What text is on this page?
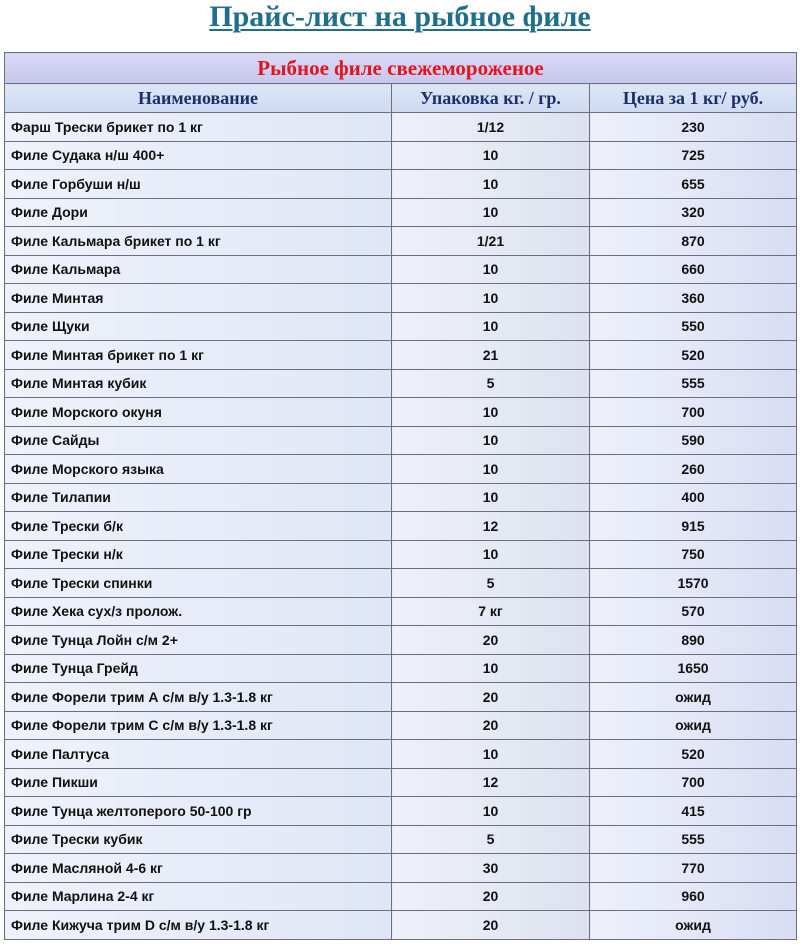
Прайс-лист на рыбное филе
Рыбное филе свежемороженое		
Наименование	Упаковка кг. / гр.	Цена за 1 кг/ руб.
Фарш Трески брикет по 1 кг	1/12	230
Филе Судака н/ш 400+	10	725
Филе Горбуши н/ш	10	655
Филе Дори	10	320
Филе Кальмара брикет по 1 кг	1/21	870
Филе Кальмара	10	660
Филе Минтая	10	360
Филе Щуки	10	550
Филе Минтая брикет по 1 кг	21	520
Филе Минтая кубик	5	555
Филе Морского окуня	10	700
Филе Сайды	10	590
Филе Морского языка	10	260
Филе Тилапии	10	400
Филе Трески б/к	12	915
Филе Трески н/к	10	750
Филе Трески спинки	5	1570
Филе Хека сух/з пролож.	7 кг	570
Филе Тунца Лойн с/м 2+	20	890
Филе Тунца Грейд	10	1650
Филе Форели трим А с/м в/у 1.3-1.8 кг	20	ожид
Филе Форели трим С с/м в/у 1.3-1.8 кг	20	ожид
Филе Палтуса	10	520
Филе Пикши	12	700
Филе Тунца желтоперого 50-100 гр	10	415
Филе Трески кубик	5	555
Филе Масляной 4-6 кг	30	770
Филе Марлина 2-4 кг	20	960
Филе Кижуча трим D с/м в/у 1.3-1.8 кг	20	ожид
